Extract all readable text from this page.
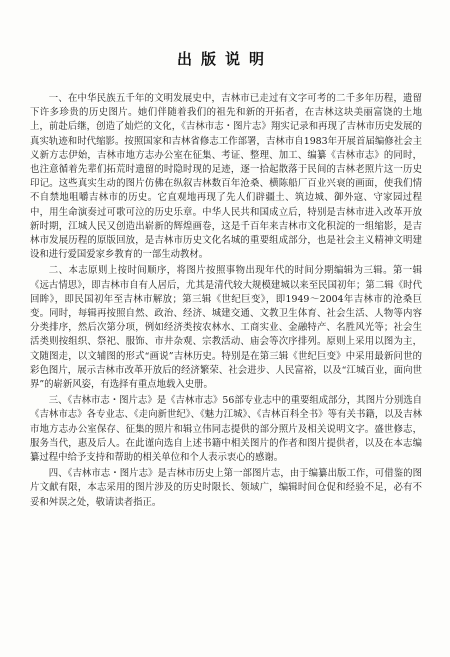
出版说明

一、在中华民族五千年的文明发展史中，吉林市已走过有文字可考的二千多年历程，遗留下许多珍贵的历史图片。她们伴随着我们的祖先和新的开拓者，在吉林这块美丽富饶的土地上，前赴后继，创造了灿烂的文化，《吉林市志・图片志》翔实记录和再现了吉林市历史发展的真实轨迹和时代缩影。按照国家和吉林省修志工作部署，吉林市自1983年开展首届编修社会主义新方志伊始，吉林市地方志办公室在征集、考证、整理、加工、编纂《吉林市志》的同时，也注意循着先辈们拓荒时遗留的时隐时现的足迹，逐一拾起散落于民间的吉林老照片这一历史印记。这些真实生动的图片仿佛在纵叙吉林数百年沧桑、横陈船厂百业兴衰的画面，使我们情不自禁地咀嚼吉林市的历史。它直观地再现了先人们辟疆土、筑边城、御外寇、守家园过程中，用生命演奏过可歌可泣的历史乐章。中华人民共和国成立后，特别是吉林市进入改革开放新时期，江城人民又创造出崭新的辉煌画卷，这是千百年来吉林市文化积淀的一组缩影，是吉林市发展历程的原版回放，是吉林市历史文化名城的重要组成部分，也是社会主义精神文明建设和进行爱国爱家乡教育的一部生动教材。

二、本志原则上按时间顺序，将图片按照事物出现年代的时间分期编辑为三辑。第一辑《远古情思》，即吉林市自有人居后，尤其是清代较大规模建城以来至民国初年；第二辑《时代回眸》，即民国初年至吉林市解放；第三辑《世纪巨变》，即1949～2004年吉林市的沧桑巨变。同时，每辑再按照自然、政治、经济、城建交通、文教卫生体育、社会生活、人物等内容分类排序，然后次第分项，例如经济类按农林水、工商实业、金融特产、名胜风光等；社会生活类则按组织、祭祀、服饰、市井杂观、宗教活动、庙会等次序排列。原则上采用以图为主，文随图走，以文辅图的形式“画说”吉林历史。特别是在第三辑《世纪巨变》中采用最新问世的彩色图片，展示吉林市改革开放后的经济繁荣、社会进步、人民富裕，以及“江城百业，面向世界”的崭新风姿，有选择有重点地载入史册。

三、《吉林市志・图片志》是《吉林市志》56部专业志中的重要组成部分，其图片分别选自《吉林市志》各专业志、《走向新世纪》、《魅力江城》、《吉林百科全书》等有关书籍，以及吉林市地方志办公室保存、征集的照片和辑立伟同志提供的部分照片及相关说明文字。盛世修志，服务当代，惠及后人。在此谨向选自上述书籍中相关图片的作者和图片提供者，以及在本志编纂过程中给予支持和帮助的相关单位和个人表示衷心的感谢。

四、《吉林市志・图片志》是吉林市历史上第一部图片志，由于编纂出版工作，可借鉴的图片文献有限，本志采用的图片涉及的历史时限长、领域广，编辑时间仓促和经验不足，必有不妥和舛误之处，敬请读者指正。
